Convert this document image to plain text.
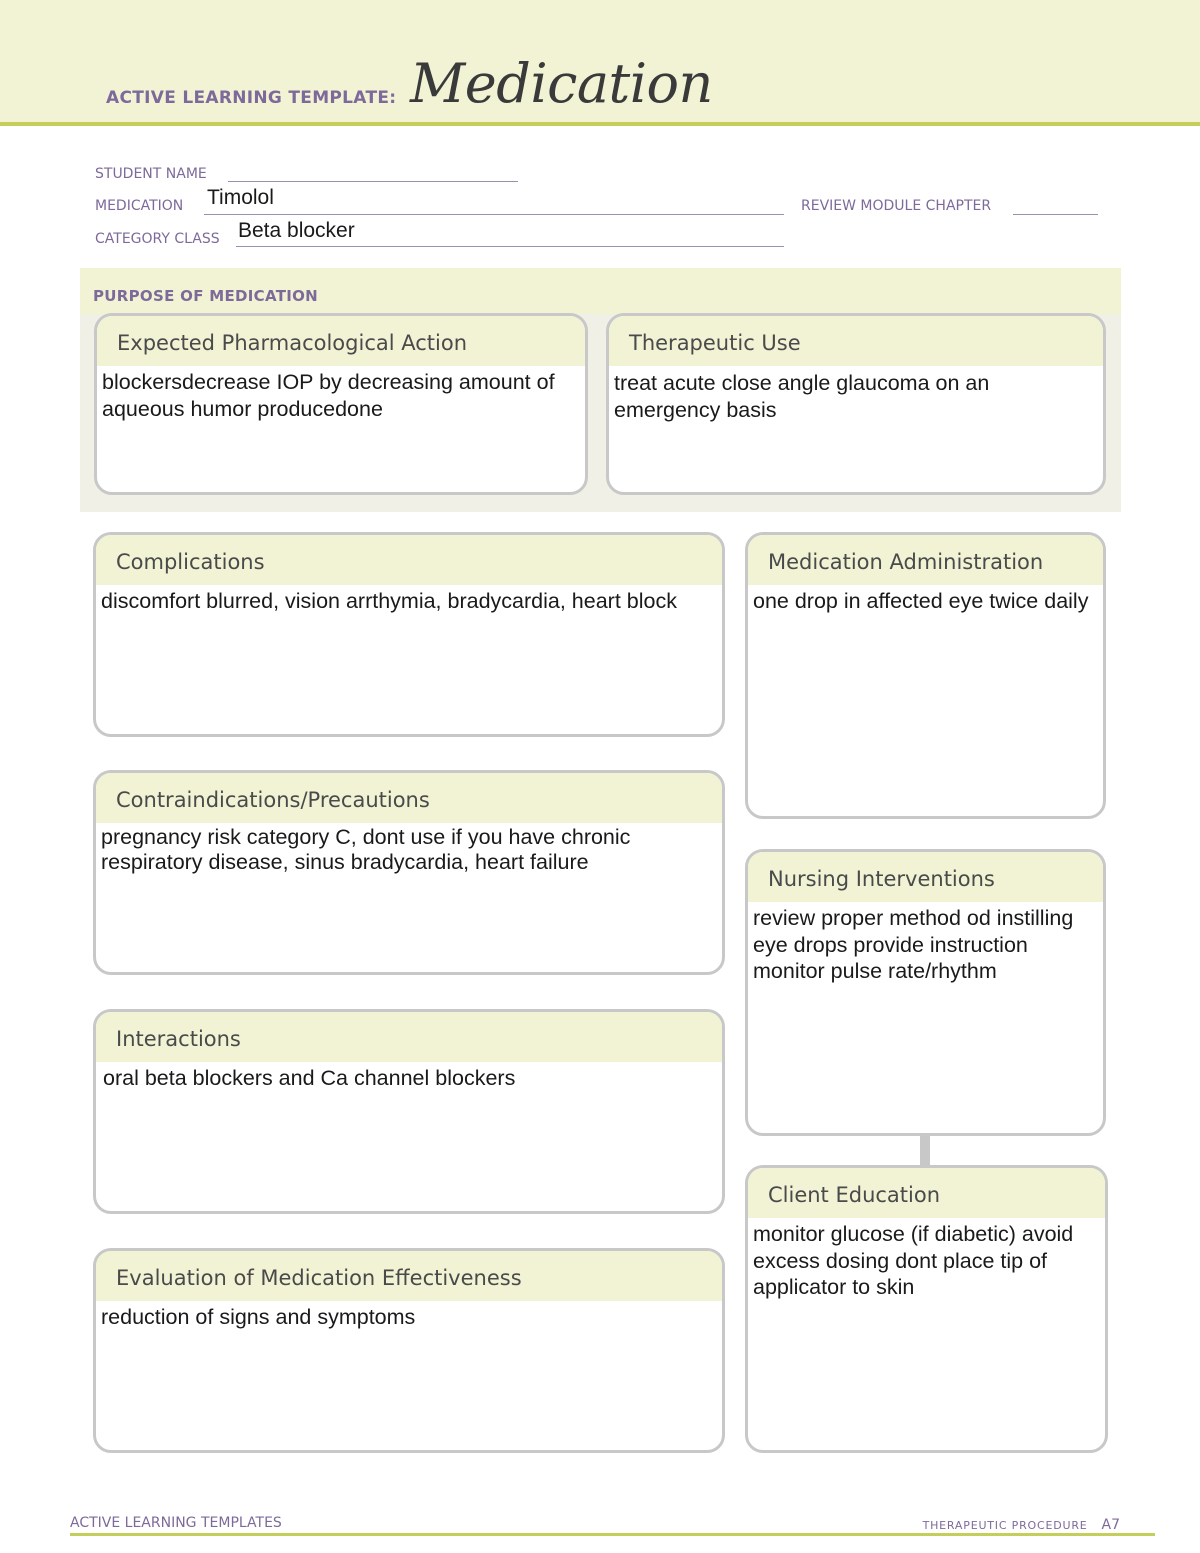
ACTIVE LEARNING TEMPLATE: Medication
STUDENT NAME
MEDICATION Timolol	REVIEW MODULE CHAPTER
CATEGORY CLASS Beta blocker
PURPOSE OF MEDICATION
Expected Pharmacological Action
blockersdecrease IOP by decreasing amount of aqueous humor producedone
Therapeutic Use
treat acute close angle glaucoma on an emergency basis
Complications
discomfort blurred, vision arrthymia, bradycardia, heart block
Contraindications/Precautions
pregnancy risk category C, dont use if you have chronic respiratory disease, sinus bradycardia, heart failure
Interactions
oral beta blockers and Ca channel blockers
Evaluation of Medication Effectiveness
reduction of signs and symptoms
Medication Administration
one drop in affected eye twice daily
Nursing Interventions
review proper method od instilling eye drops provide instruction monitor pulse rate/rhythm
Client Education
monitor glucose (if diabetic) avoid excess dosing dont place tip of applicator to skin
ACTIVE LEARNING TEMPLATES	THERAPEUTIC PROCEDURE A7
